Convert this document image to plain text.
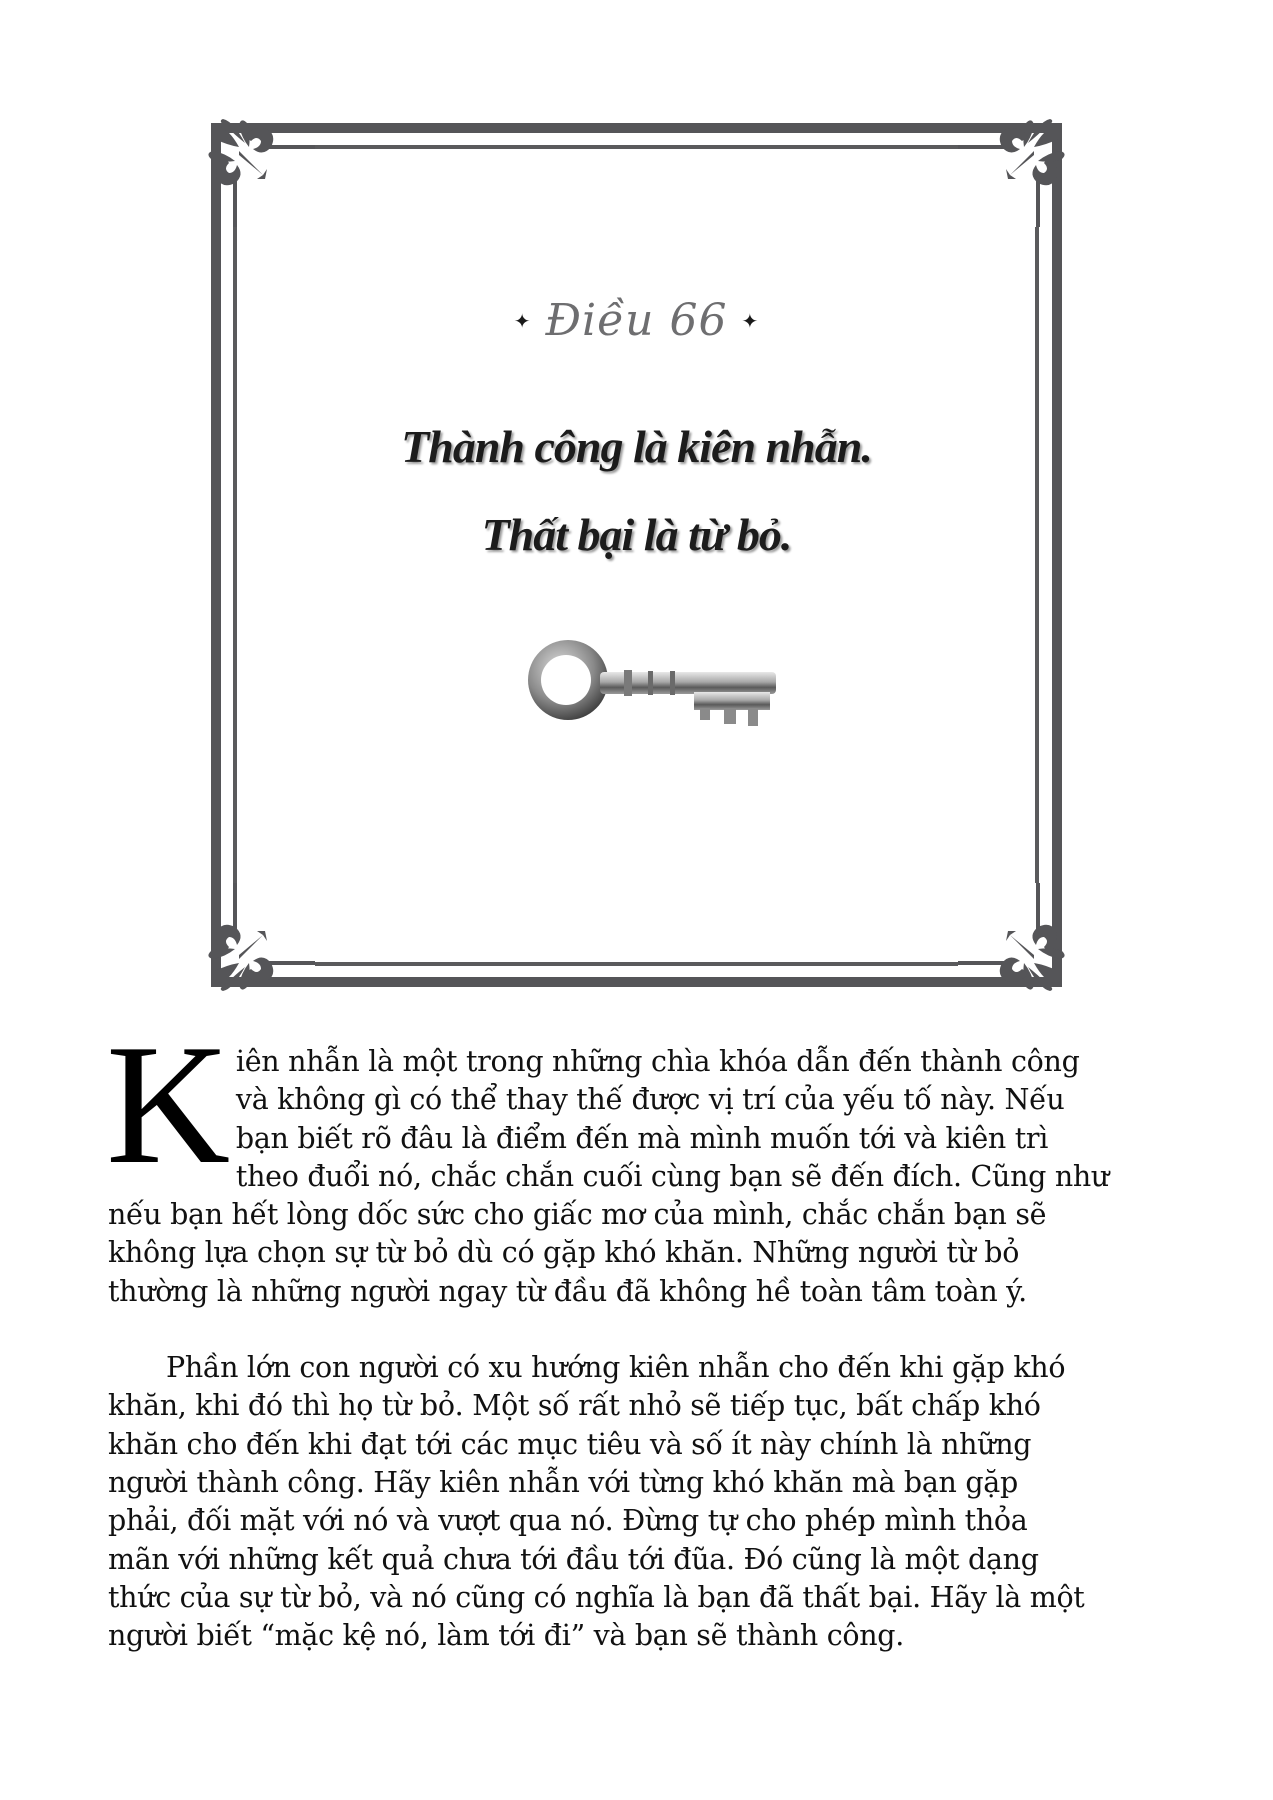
✦ Điều 66 ✦
Thành công là kiên nhẫn.
Thất bại là từ bỏ.

K iên nhẫn là một trong những chìa khóa dẫn đến thành công
và không gì có thể thay thế được vị trí của yếu tố này. Nếu
bạn biết rõ đâu là điểm đến mà mình muốn tới và kiên trì
theo đuổi nó, chắc chắn cuối cùng bạn sẽ đến đích. Cũng như
nếu bạn hết lòng dốc sức cho giấc mơ của mình, chắc chắn bạn sẽ
không lựa chọn sự từ bỏ dù có gặp khó khăn. Những người từ bỏ
thường là những người ngay từ đầu đã không hề toàn tâm toàn ý.

Phần lớn con người có xu hướng kiên nhẫn cho đến khi gặp khó
khăn, khi đó thì họ từ bỏ. Một số rất nhỏ sẽ tiếp tục, bất chấp khó
khăn cho đến khi đạt tới các mục tiêu và số ít này chính là những
người thành công. Hãy kiên nhẫn với từng khó khăn mà bạn gặp
phải, đối mặt với nó và vượt qua nó. Đừng tự cho phép mình thỏa
mãn với những kết quả chưa tới đầu tới đũa. Đó cũng là một dạng
thức của sự từ bỏ, và nó cũng có nghĩa là bạn đã thất bại. Hãy là một
người biết “mặc kệ nó, làm tới đi” và bạn sẽ thành công.
